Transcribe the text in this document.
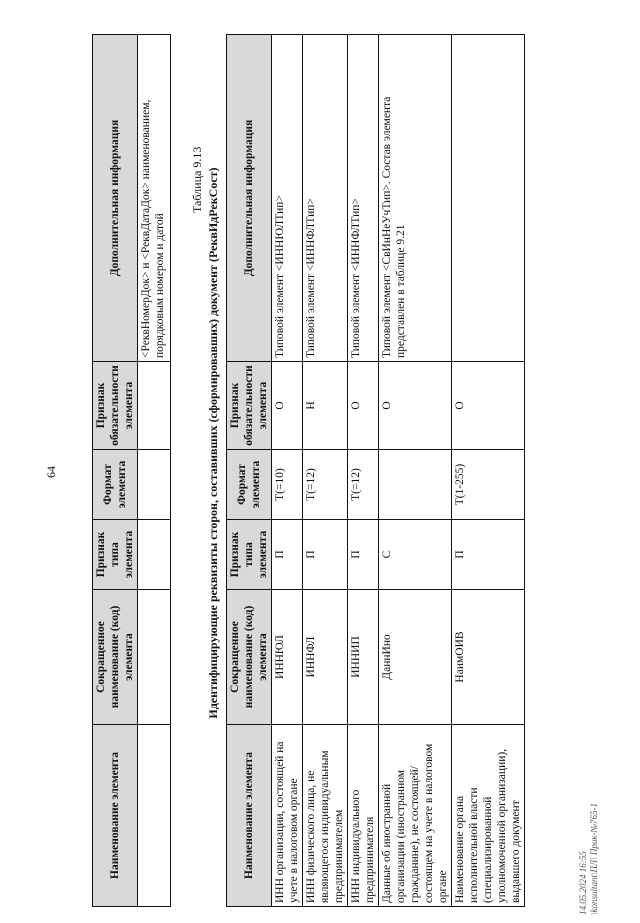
64
Наименование элемента	Сокращенное наименование (код) элемента	Признак типа элемента	Формат элемента	Признак обязательности элемента	Дополнительная информация
					<РеквНомерДок> и <РеквДатаДок> наименованием, порядковым номером и датой
Таблица 9.13 Идентифицирующие реквизиты сторон, составивших (сформировавших) документ (РеквИдРекСост)
Наименование элемента	Сокращенное наименование (код) элемента	Признак типа элемента	Формат элемента	Признак обязательности элемента	Дополнительная информация
ИНН организации, состоящей на учете в налоговом органе	ИННЮЛ	П	T(=10)	О	Типовой элемент <ИННЮЛТип>
ИНН физического лица, не являющегося индивидуальным предпринимателем	ИННФЛ	П	T(=12)	Н	Типовой элемент <ИННФЛТип>
ИНН индивидуального предпринимателя	ИННИП	П	T(=12)	О	Типовой элемент <ИННФЛТип>
Данные об иностранной организации (иностранном гражданине), не состоящей/состоящем на учете в налоговом органе	ДаннИно	С		О	Типовой элемент <СвИнНеУчТип>. Состав элемента представлен в таблице 9.21
Наименование органа исполнительной власти (специализированной уполномоченной организации), выдавшего документ	НаимОИВ	П	T(1-255)	О	
14.05.2024 16:55 \konsultant\ПЛ\ Прик-№765-1
